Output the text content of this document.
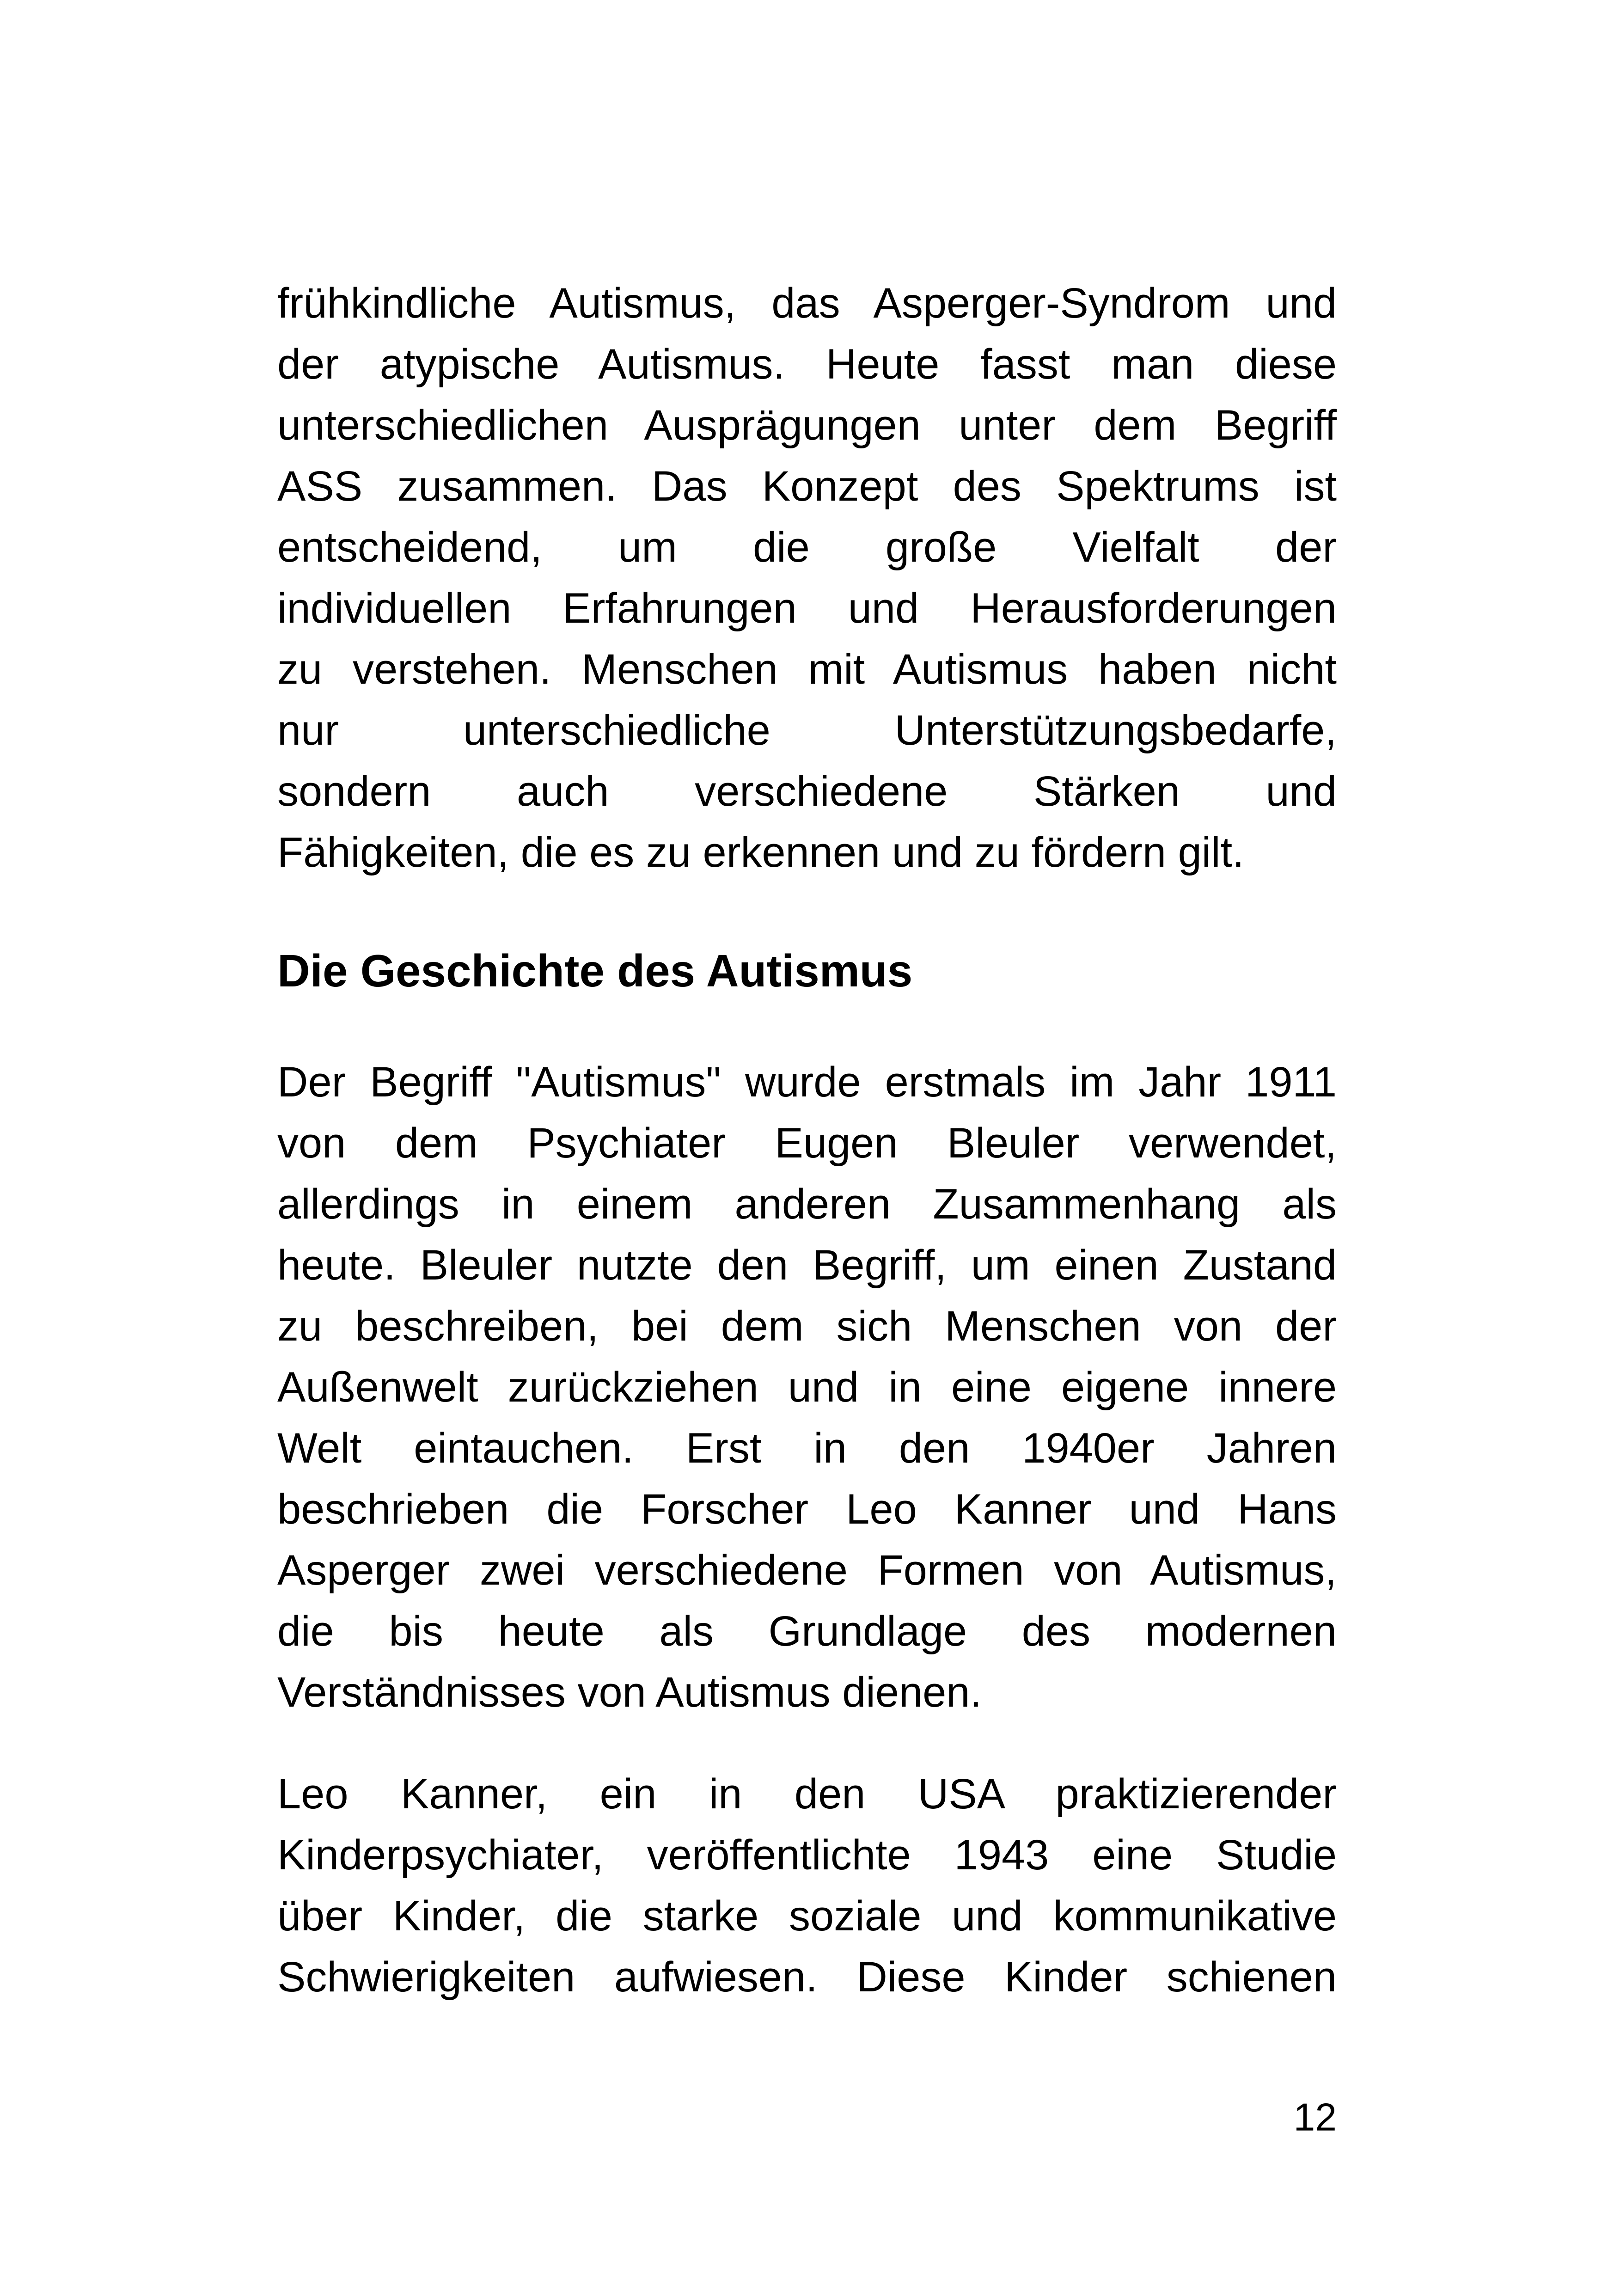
frühkindliche Autismus, das Asperger-Syndrom und
der atypische Autismus. Heute fasst man diese
unterschiedlichen Ausprägungen unter dem Begriff
ASS zusammen. Das Konzept des Spektrums ist
entscheidend, um die große Vielfalt der
individuellen Erfahrungen und Herausforderungen
zu verstehen. Menschen mit Autismus haben nicht
nur unterschiedliche Unterstützungsbedarfe,
sondern auch verschiedene Stärken und
Fähigkeiten, die es zu erkennen und zu fördern gilt.
Die Geschichte des Autismus
Der Begriff "Autismus" wurde erstmals im Jahr 1911
von dem Psychiater Eugen Bleuler verwendet,
allerdings in einem anderen Zusammenhang als
heute. Bleuler nutzte den Begriff, um einen Zustand
zu beschreiben, bei dem sich Menschen von der
Außenwelt zurückziehen und in eine eigene innere
Welt eintauchen. Erst in den 1940er Jahren
beschrieben die Forscher Leo Kanner und Hans
Asperger zwei verschiedene Formen von Autismus,
die bis heute als Grundlage des modernen
Verständnisses von Autismus dienen.
Leo Kanner, ein in den USA praktizierender
Kinderpsychiater, veröffentlichte 1943 eine Studie
über Kinder, die starke soziale und kommunikative
Schwierigkeiten aufwiesen. Diese Kinder schienen
12
